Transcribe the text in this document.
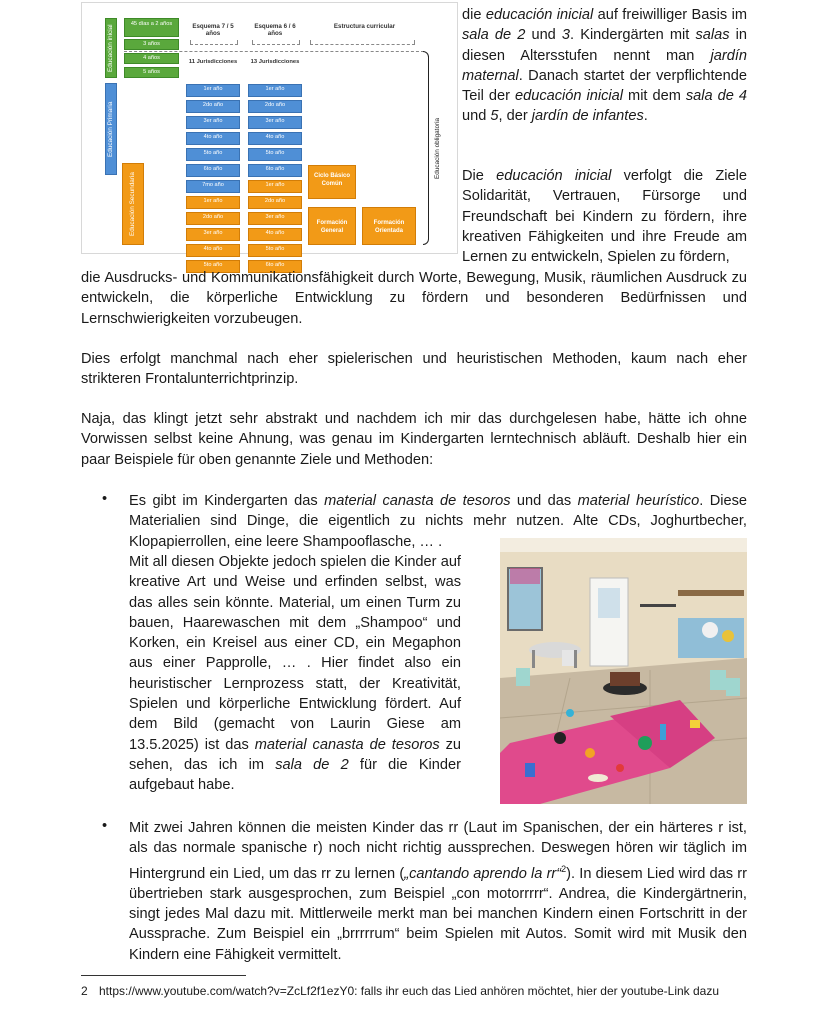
Educación inicial
Educación Primaria
Educación Secundaria
45 días a 2 años
3 años
4 años
5 años
Esquema 7 / 5 años
Esquema 6 / 6 años
Estructura curricular
11 Jurisdicciones 13 Jurisdicciones
1er año
2do año
3er año
4to año
5to año
6to año
7mo año
1er año
2do año
3er año
4to año
5to año
1er año
2do año
3er año
4to año
5to año
6to año
1er año
2do año
3er año
4to año
5to año
6to año
Ciclo Básico Común
Formación General
Formación Orientada
Educación obligatoria

die educación inicial auf freiwilliger Basis im sala de 2 und 3. Kindergärten mit salas in diesen Altersstufen nennt man jardín maternal. Danach startet der verpflichtende Teil der educación inicial mit dem sala de 4 und 5, der jardín de infantes.

Die educación inicial verfolgt die Ziele Solidarität, Vertrauen, Fürsorge und Freundschaft bei Kindern zu fördern, ihre kreativen Fähigkeiten und ihre Freude am Lernen zu entwickeln, Spielen zu fördern,

die Ausdrucks- und Kommunikationsfähigkeit durch Worte, Bewegung, Musik, räumlichen Ausdruck zu entwickeln, die körperliche Entwicklung zu fördern und besonderen Bedürfnissen und Lernschwierigkeiten vorzubeugen.

Dies erfolgt manchmal nach eher spielerischen und heuristischen Methoden, kaum nach eher strikteren Frontalunterrichtprinzip.

Naja, das klingt jetzt sehr abstrakt und nachdem ich mir das durchgelesen habe, hätte ich ohne Vorwissen selbst keine Ahnung, was genau im Kindergarten lerntechnisch abläuft. Deshalb hier ein paar Beispiele für oben genannte Ziele und Methoden:

• Es gibt im Kindergarten das material canasta de tesoros und das material heurístico. Diese Materialien sind Dinge, die eigentlich zu nichts mehr nutzen. Alte CDs, Joghurtbecher, Klopapierrollen, eine leere Shampooflasche, … .

Mit all diesen Objekte jedoch spielen die Kinder auf kreative Art und Weise und erfinden selbst, was das alles sein könnte. Material, um einen Turm zu bauen, Haarewaschen mit dem „Shampoo“ und Korken, ein Kreisel aus einer CD, ein Megaphon aus einer Papprolle, … . Hier findet also ein heuristischer Lernprozess statt, der Kreativität, Spielen und körperliche Entwicklung fördert. Auf dem Bild (gemacht von Laurin Giese am 13.5.2025) ist das material canasta de tesoros zu sehen, das ich im sala de 2 für die Kinder aufgebaut habe.

• Mit zwei Jahren können die meisten Kinder das rr (Laut im Spanischen, der ein härteres r ist, als das normale spanische r) noch nicht richtig aussprechen. Deswegen hören wir täglich im Hintergrund ein Lied, um das rr zu lernen („cantando aprendo la rr“$^2$). In diesem Lied wird das rr übertrieben stark ausgesprochen, zum Beispiel „con motorrrrr“. Andrea, die Kindergärtnerin, singt jedes Mal dazu mit. Mittlerweile merkt man bei manchen Kindern einen Fortschritt in der Aussprache. Zum Beispiel ein „brrrrrum“ beim Spielen mit Autos. Somit wird mit Musik den Kindern eine Fähigkeit vermittelt.

2 https://www.youtube.com/watch?v=ZcLf2f1ezY0: falls ihr euch das Lied anhören möchtet, hier der youtube-Link dazu
